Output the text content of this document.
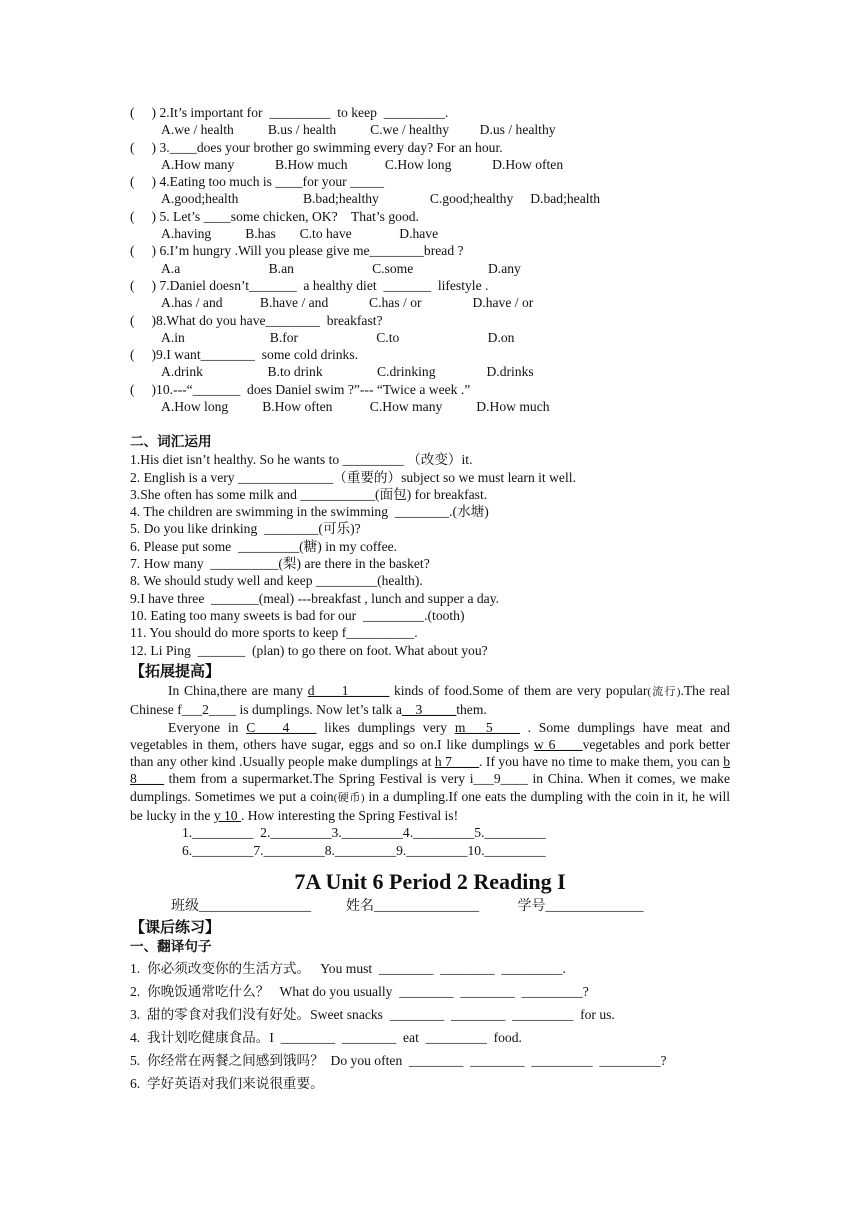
(     ) 2.It’s important for  _________  to keep  _________.
A.we / health          B.us / health          C.we / healthy         D.us / healthy
(     ) 3.____does your brother go swimming every day? For an hour.
A.How many            B.How much           C.How long            D.How often
(     ) 4.Eating too much is ____for your _____
A.good;health                   B.bad;healthy               C.good;healthy     D.bad;health
(     ) 5. Let’s ____some chicken, OK?    That’s good.
A.having          B.has       C.to have              D.have
(     ) 6.I’m hungry .Will you please give me________bread ?
A.a                          B.an                       C.some                      D.any
(     ) 7.Daniel doesn’t_______  a healthy diet  _______  lifestyle .
A.has / and           B.have / and            C.has / or               D.have / or
(     )8.What do you have________  breakfast?
A.in                         B.for                       C.to                          D.on
(     )9.I want________  some cold drinks.
A.drink                   B.to drink                C.drinking               D.drinks
(     )10.---“_______  does Daniel swim ?”--- “Twice a week .”
A.How long          B.How often           C.How many          D.How much
二、词汇运用
1.His diet isn’t healthy. So he wants to _________ （改变）it.
2. English is a very ______________（重要的）subject so we must learn it well.
3.She often has some milk and ___________(面包) for breakfast.
4. The children are swimming in the swimming  ________.(水塘)
5. Do you like drinking  ________(可乐)?
6. Please put some  _________(糖) in my coffee.
7. How many  __________(梨) are there in the basket?
8. We should study well and keep _________(health).
9.I have three  _______(meal) ---breakfast , lunch and supper a day.
10. Eating too many sweets is bad for our  _________.(tooth)
11. You should do more sports to keep f__________.
12. Li Ping  _______  (plan) to go there on foot. What about you?
【拓展提高】
In China,there are many d____1______ kinds of food.Some of them are very popular(流行).The real Chinese f___2____ is dumplings. Now let’s talk a__3_____them.
Everyone in C____4____ likes dumplings very m___5____ . Some dumplings have meat and vegetables in them, others have sugar, eggs and so on.I like dumplings w 6____vegetables and pork better than any other kind .Usually people make dumplings at h 7____. If you have no time to make them, you can b 8____ them from a supermarket.The Spring Festival is very i___9____ in China. When it comes, we make dumplings. Sometimes we put a coin(硬币) in a dumpling.If one eats the dumpling with the coin in it, he will be lucky in the y 10 . How interesting the Spring Festival is!
1._________  2._________3._________4._________5._________
6._________7._________8._________9._________10._________
7A Unit 6 Period 2 Reading I
班级________________          姓名_______________           学号______________
【课后练习】
一、翻译句子
1.  你必须改变你的生活方式。   You must  ________  ________  _________.
2.  你晚饭通常吃什么？   What do you usually  ________  ________  _________?
3.  甜的零食对我们没有好处。Sweet snacks  ________  ________  _________  for us.
4.  我计划吃健康食品。I  ________  ________  eat  _________  food.
5.  你经常在两餐之间感到饿吗？  Do you often  ________  ________  _________  _________?
6.  学好英语对我们来说很重要。
